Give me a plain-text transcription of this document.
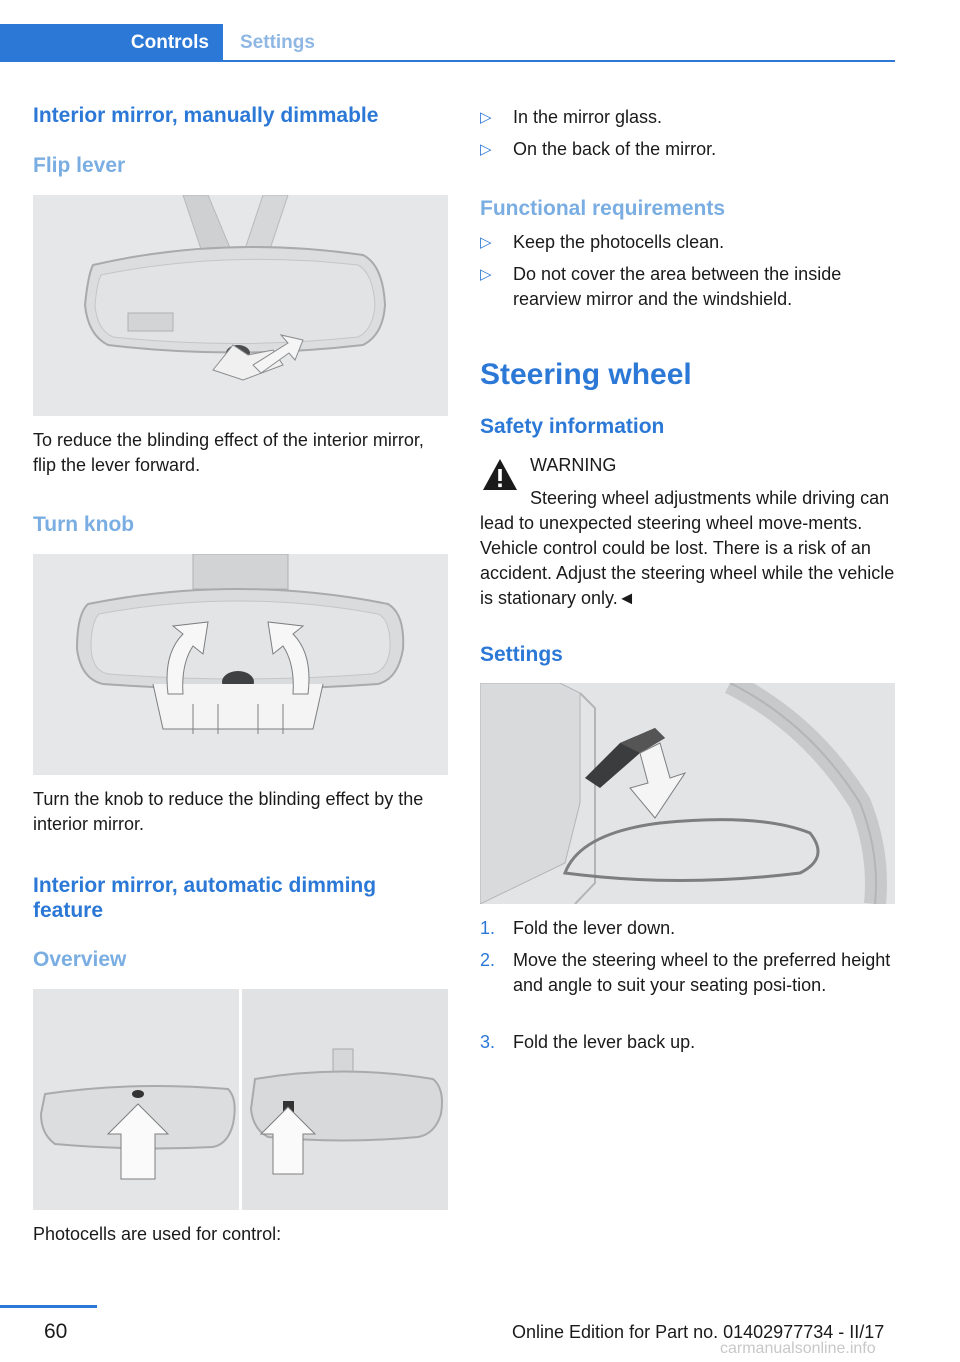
Controls	Settings
Interior mirror, manually dimmable
Flip lever

To reduce the blinding effect of the interior mirror, flip the lever forward.

Turn knob

Turn the knob to reduce the blinding effect by the interior mirror.

Interior mirror, automatic dimming feature
Overview

Photocells are used for control:

▷	In the mirror glass.
▷	On the back of the mirror.
Functional requirements
▷	Keep the photocells clean.
▷	Do not cover the area between the inside rearview mirror and the windshield.
Steering wheel
Safety information

WARNING

Steering wheel adjustments while driving can lead to unexpected steering wheel move-ments. Vehicle control could be lost. There is a risk of an accident. Adjust the steering wheel while the vehicle is stationary only.◄

Settings
1. Fold the lever down.
2. Move the steering wheel to the preferred height and angle to suit your seating posi-tion.
3. Fold the lever back up.
60	Online Edition for Part no. 01402977734 - II/17
carmanualsonline.info
